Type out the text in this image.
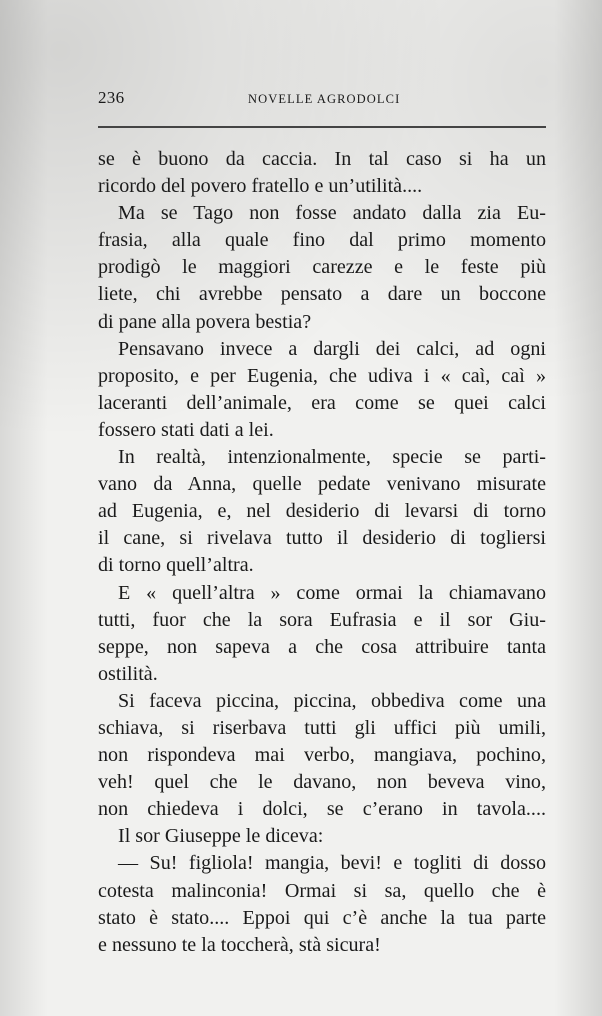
236	NOVELLE AGRODOLCI
se è buono da caccia. In tal caso si ha un
ricordo del povero fratello e un’utilità....
Ma se Tago non fosse andato dalla zia Eu-
frasia, alla quale fino dal primo momento
prodigò le maggiori carezze e le feste più
liete, chi avrebbe pensato a dare un boccone
di pane alla povera bestia?
Pensavano invece a dargli dei calci, ad ogni
proposito, e per Eugenia, che udiva i « caì, caì »
laceranti dell’animale, era come se quei calci
fossero stati dati a lei.
In realtà, intenzionalmente, specie se parti-
vano da Anna, quelle pedate venivano misurate
ad Eugenia, e, nel desiderio di levarsi di torno
il cane, si rivelava tutto il desiderio di togliersi
di torno quell’altra.
E « quell’altra » come ormai la chiamavano
tutti, fuor che la sora Eufrasia e il sor Giu-
seppe, non sapeva a che cosa attribuire tanta
ostilità.
Si faceva piccina, piccina, obbediva come una
schiava, si riserbava tutti gli uffici più umili,
non rispondeva mai verbo, mangiava, pochino,
veh! quel che le davano, non beveva vino,
non chiedeva i dolci, se c’erano in tavola....
Il sor Giuseppe le diceva:
— Su! figliola! mangia, bevi! e togliti di dosso
cotesta malinconia! Ormai si sa, quello che è
stato è stato.... Eppoi qui c’è anche la tua parte
e nessuno te la toccherà, stà sicura!
